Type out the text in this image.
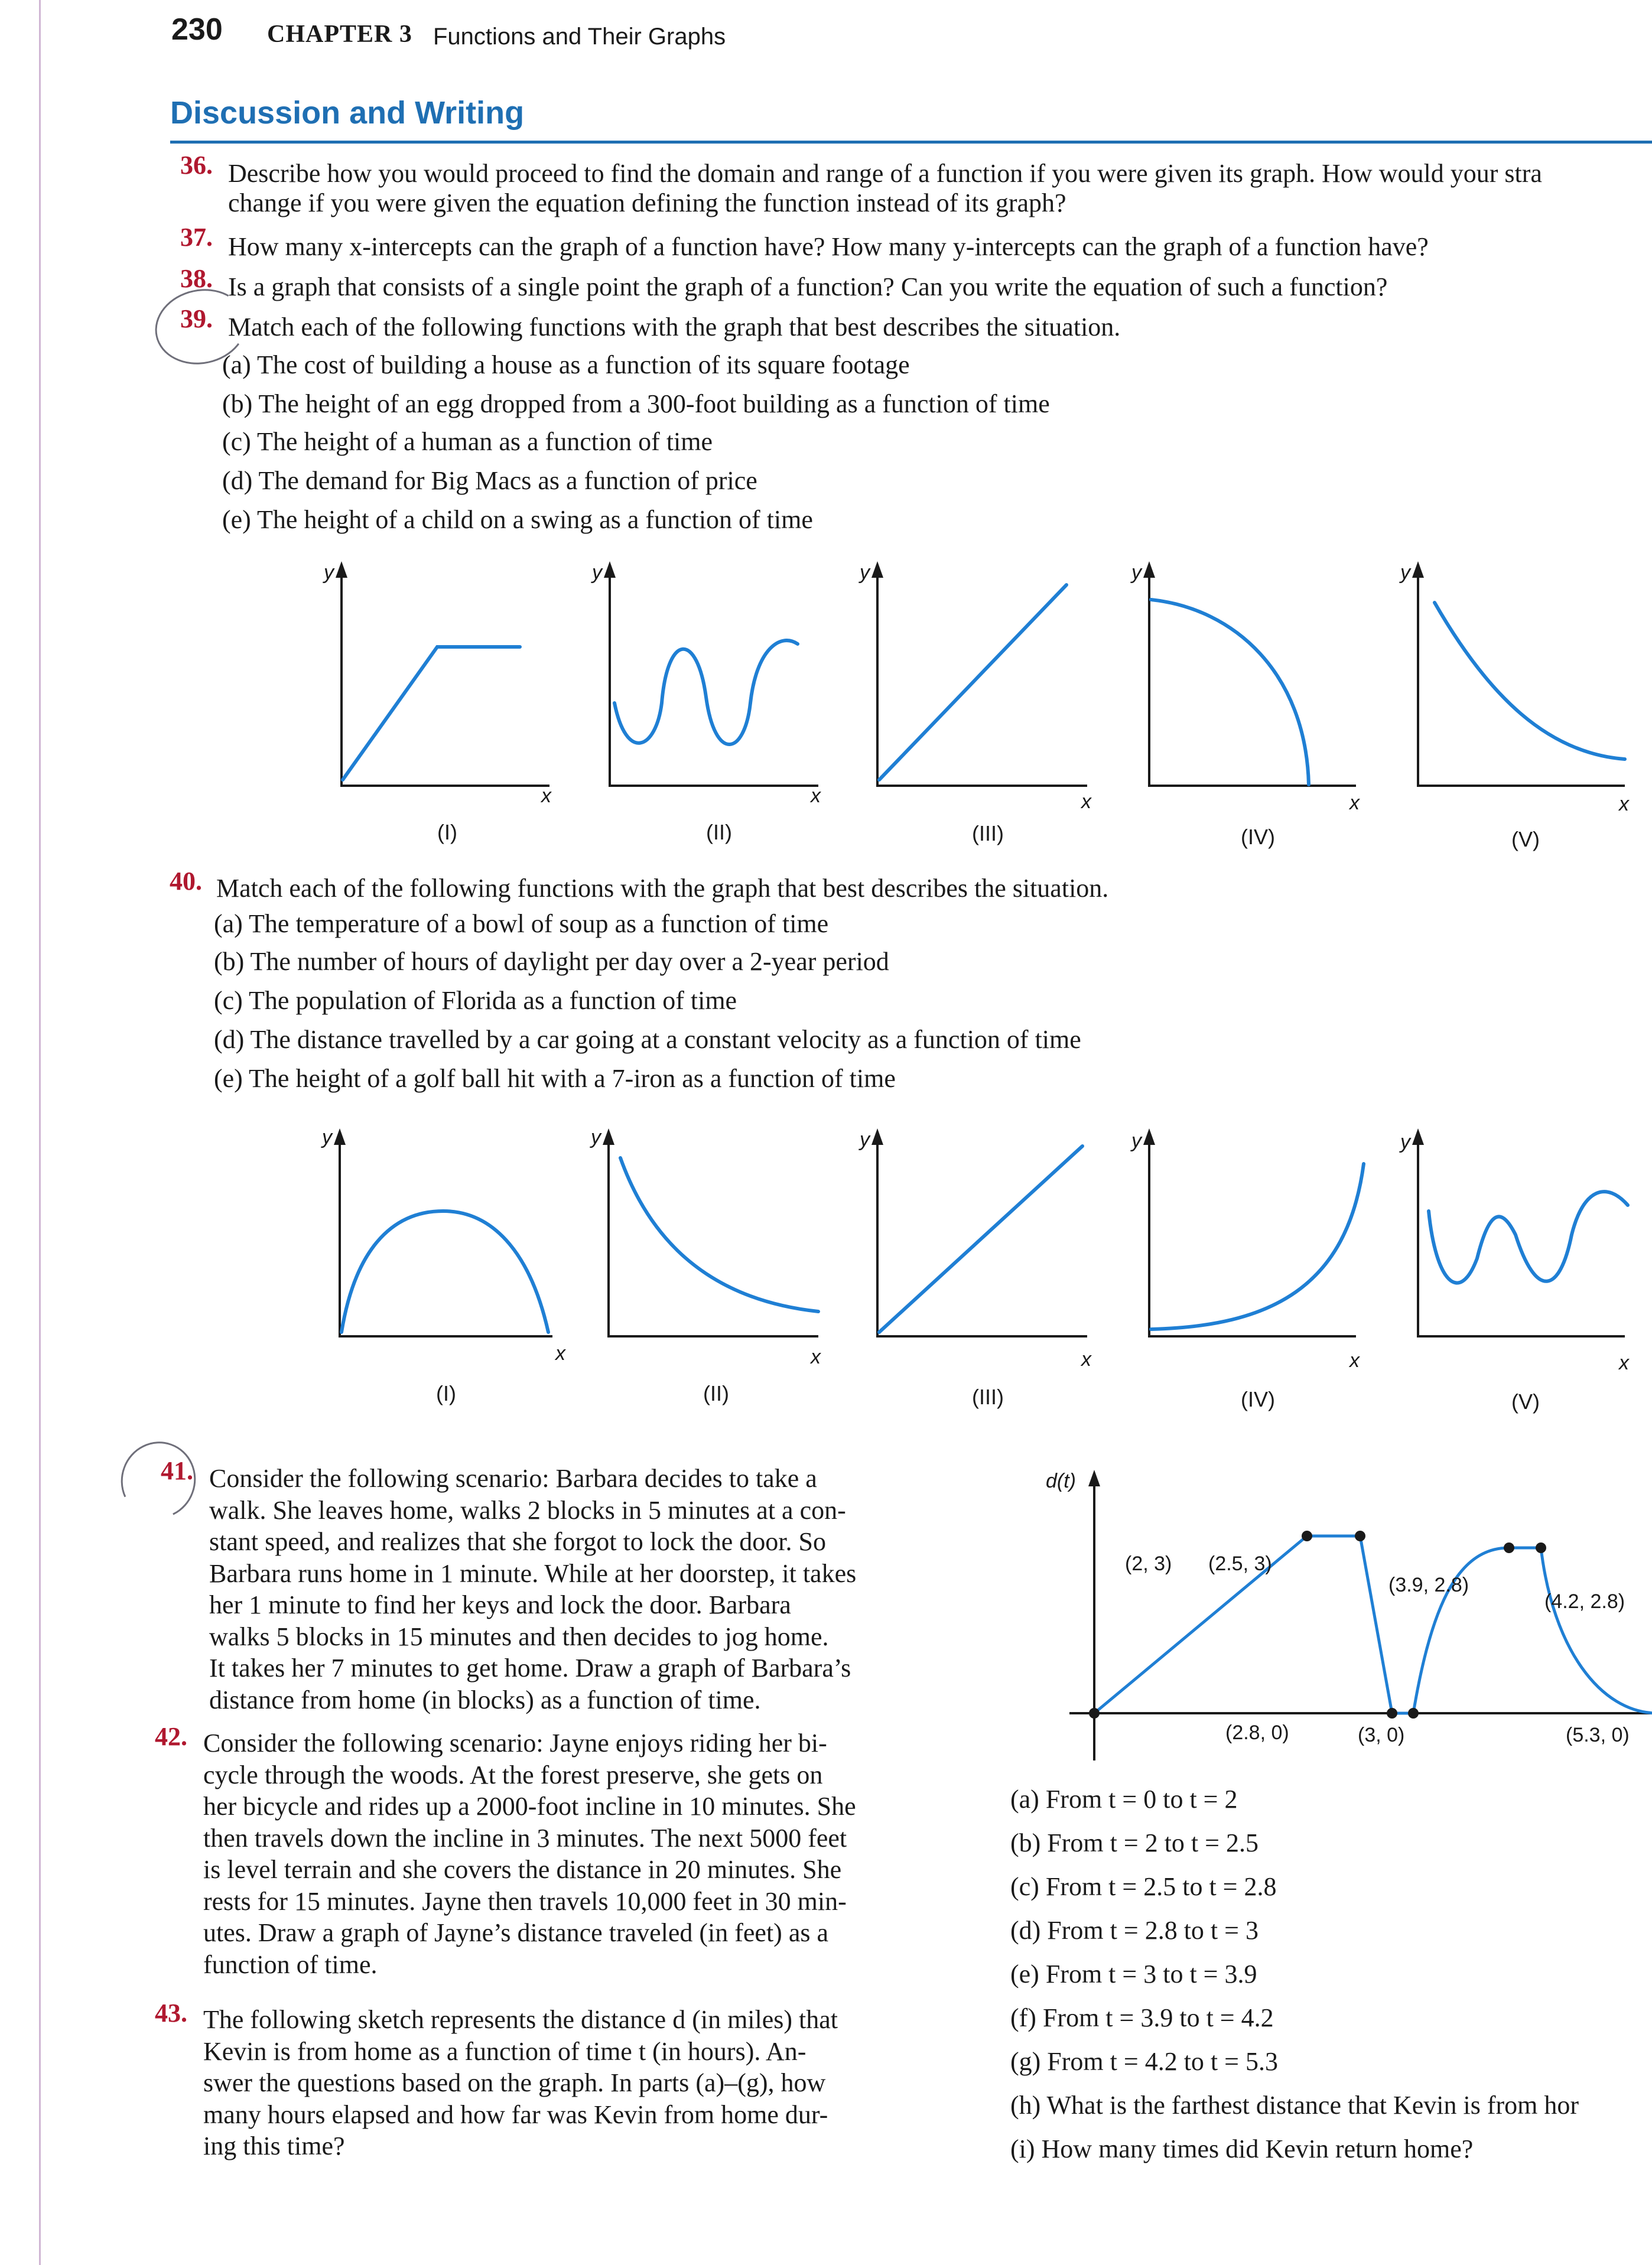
230 CHAPTER 3 Functions and Their Graphs
Discussion and Writing
36. Describe how you would proceed to find the domain and range of a function if you were given its graph. How would your stra
change if you were given the equation defining the function instead of its graph?
37. How many x-intercepts can the graph of a function have? How many y-intercepts can the graph of a function have?
38. Is a graph that consists of a single point the graph of a function? Can you write the equation of such a function?
39. Match each of the following functions with the graph that best describes the situation.
(a) The cost of building a house as a function of its square footage
(b) The height of an egg dropped from a 300-foot building as a function of time
(c) The height of a human as a function of time
(d) The demand for Big Macs as a function of price
(e) The height of a child on a swing as a function of time
y	y	y	y	y
x	x	x	x	x
(I)	(II)	(III)	(IV)	(V)
40. Match each of the following functions with the graph that best describes the situation.
(a) The temperature of a bowl of soup as a function of time
(b) The number of hours of daylight per day over a 2-year period
(c) The population of Florida as a function of time
(d) The distance travelled by a car going at a constant velocity as a function of time
(e) The height of a golf ball hit with a 7-iron as a function of time
y	y	y	y	y
x	x	x	x	x
(I)	(II)	(III)	(IV)	(V)
41. Consider the following scenario: Barbara decides to take a
walk. She leaves home, walks 2 blocks in 5 minutes at a con-
stant speed, and realizes that she forgot to lock the door. So
Barbara runs home in 1 minute. While at her doorstep, it takes
her 1 minute to find her keys and lock the door. Barbara
walks 5 blocks in 15 minutes and then decides to jog home.
It takes her 7 minutes to get home. Draw a graph of Barbara’s
distance from home (in blocks) as a function of time.
42. Consider the following scenario: Jayne enjoys riding her bi-
cycle through the woods. At the forest preserve, she gets on
her bicycle and rides up a 2000-foot incline in 10 minutes. She
then travels down the incline in 3 minutes. The next 5000 feet
is level terrain and she covers the distance in 20 minutes. She
rests for 15 minutes. Jayne then travels 10,000 feet in 30 min-
utes. Draw a graph of Jayne’s distance traveled (in feet) as a
function of time.
43. The following sketch represents the distance d (in miles) that
Kevin is from home as a function of time t (in hours). An-
swer the questions based on the graph. In parts (a)–(g), how
many hours elapsed and how far was Kevin from home dur-
ing this time?
d(t)
(2, 3) (2.5, 3)
(2.8, 0)	(3, 0)
(3.9, 2.8)
(4.2, 2.8)
(5.3, 0)
(a) From t = 0 to t = 2
(b) From t = 2 to t = 2.5
(c) From t = 2.5 to t = 2.8
(d) From t = 2.8 to t = 3
(e) From t = 3 to t = 3.9
(f) From t = 3.9 to t = 4.2
(g) From t = 4.2 to t = 5.3
(h) What is the farthest distance that Kevin is from hor
(i) How many times did Kevin return home?
